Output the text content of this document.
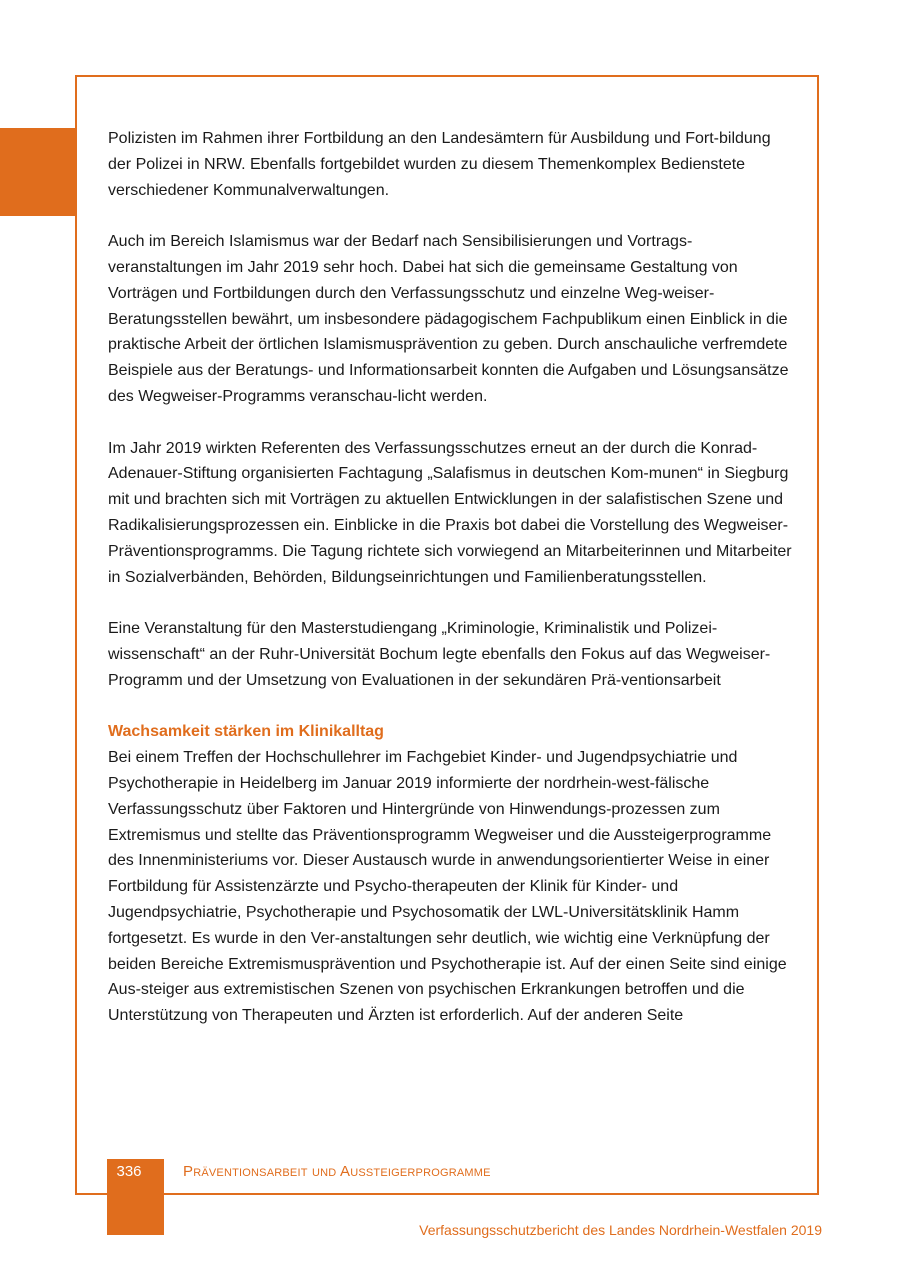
Polizisten im Rahmen ihrer Fortbildung an den Landesämtern für Ausbildung und Fort-bildung der Polizei in NRW. Ebenfalls fortgebildet wurden zu diesem Themenkomplex Bedienstete verschiedener Kommunalverwaltungen.

Auch im Bereich Islamismus war der Bedarf nach Sensibilisierungen und Vortrags-veranstaltungen im Jahr 2019 sehr hoch. Dabei hat sich die gemeinsame Gestaltung von Vorträgen und Fortbildungen durch den Verfassungsschutz und einzelne Weg-weiser-Beratungsstellen bewährt, um insbesondere pädagogischem Fachpublikum einen Einblick in die praktische Arbeit der örtlichen Islamismusprävention zu geben. Durch anschauliche verfremdete Beispiele aus der Beratungs- und Informationsarbeit konnten die Aufgaben und Lösungsansätze des Wegweiser-Programms veranschau-licht werden.

Im Jahr 2019 wirkten Referenten des Verfassungsschutzes erneut an der durch die Konrad-Adenauer-Stiftung organisierten Fachtagung „Salafismus in deutschen Kom-munen“ in Siegburg mit und brachten sich mit Vorträgen zu aktuellen Entwicklungen in der salafistischen Szene und Radikalisierungsprozessen ein. Einblicke in die Praxis bot dabei die Vorstellung des Wegweiser-Präventionsprogramms. Die Tagung richtete sich vorwiegend an Mitarbeiterinnen und Mitarbeiter in Sozialverbänden, Behörden, Bildungseinrichtungen und Familienberatungsstellen.

Eine Veranstaltung für den Masterstudiengang „Kriminologie, Kriminalistik und Polizei-wissenschaft“ an der Ruhr-Universität Bochum legte ebenfalls den Fokus auf das Wegweiser-Programm und der Umsetzung von Evaluationen in der sekundären Prä-ventionsarbeit

Wachsamkeit stärken im Klinikalltag

Bei einem Treffen der Hochschullehrer im Fachgebiet Kinder- und Jugendpsychiatrie und Psychotherapie in Heidelberg im Januar 2019 informierte der nordrhein-west-fälische Verfassungsschutz über Faktoren und Hintergründe von Hinwendungs-prozessen zum Extremismus und stellte das Präventionsprogramm Wegweiser und die Aussteigerprogramme des Innenministeriums vor. Dieser Austausch wurde in anwendungsorientierter Weise in einer Fortbildung für Assistenzärzte und Psycho-therapeuten der Klinik für Kinder- und Jugendpsychiatrie, Psychotherapie und Psychosomatik der LWL-Universitätsklinik Hamm fortgesetzt. Es wurde in den Ver-anstaltungen sehr deutlich, wie wichtig eine Verknüpfung der beiden Bereiche Extremismusprävention und Psychotherapie ist. Auf der einen Seite sind einige Aus-steiger aus extremistischen Szenen von psychischen Erkrankungen betroffen und die Unterstützung von Therapeuten und Ärzten ist erforderlich. Auf der anderen Seite

336	Präventionsarbeit und Aussteigerprogramme
Verfassungsschutzbericht des Landes Nordrhein-Westfalen 2019
